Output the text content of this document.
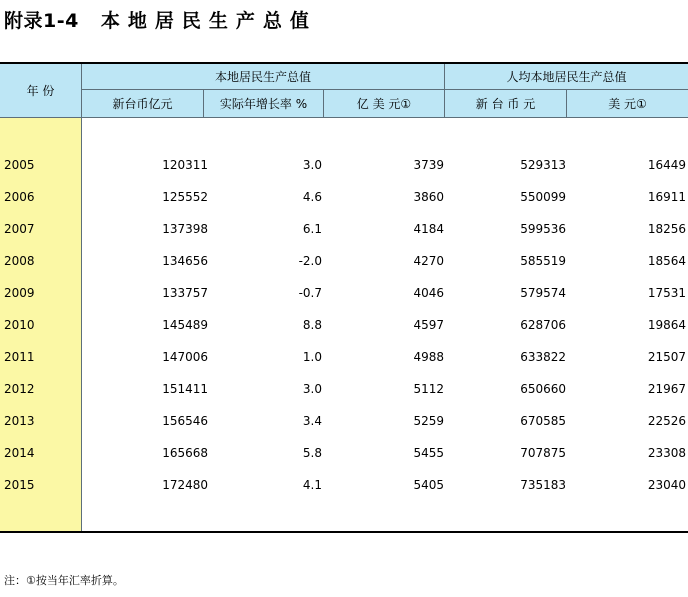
附录1-4 本地居民生产总值
年 份
本地居民生产总值	人均本地居民生产总值
新台币亿元	实际年增长率 %	亿 美 元①	新 台 币 元	美 元①
2005	120311	3.0	3739	529313	16449
2006	125552	4.6	3860	550099	16911
2007	137398	6.1	4184	599536	18256
2008	134656	-2.0	4270	585519	18564
2009	133757	-0.7	4046	579574	17531
2010	145489	8.8	4597	628706	19864
2011	147006	1.0	4988	633822	21507
2012	151411	3.0	5112	650660	21967
2013	156546	3.4	5259	670585	22526
2014	165668	5.8	5455	707875	23308
2015	172480	4.1	5405	735183	23040
注：①按当年汇率折算。
